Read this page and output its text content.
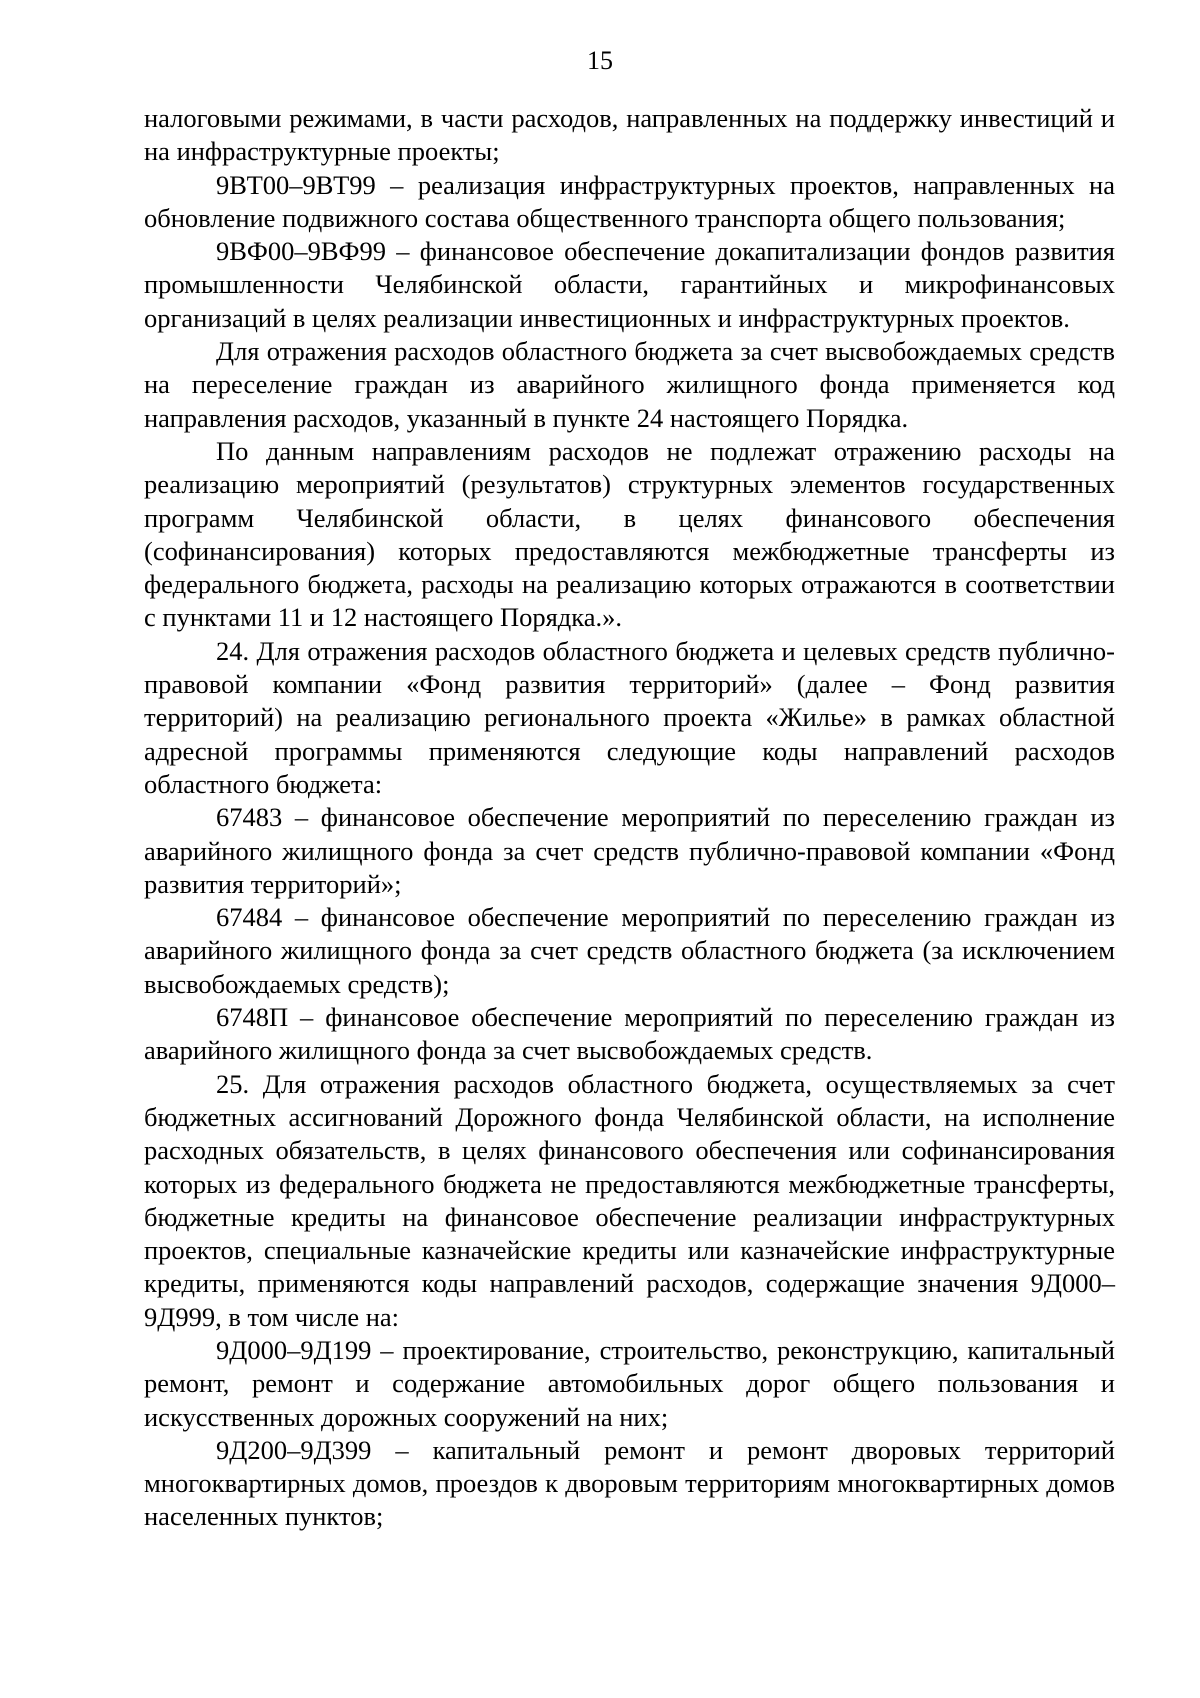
15

налоговыми режимами, в части расходов, направленных на поддержку инвестиций и на инфраструктурные проекты;

9ВТ00–9ВТ99 – реализация инфраструктурных проектов, направленных на обновление подвижного состава общественного транспорта общего пользования;

9ВФ00–9ВФ99 – финансовое обеспечение докапитализации фондов развития промышленности Челябинской области, гарантийных и микрофинансовых организаций в целях реализации инвестиционных и инфраструктурных проектов.

Для отражения расходов областного бюджета за счет высвобождаемых средств на переселение граждан из аварийного жилищного фонда применяется код направления расходов, указанный в пункте 24 настоящего Порядка.

По данным направлениям расходов не подлежат отражению расходы на реализацию мероприятий (результатов) структурных элементов государственных программ Челябинской области, в целях финансового обеспечения (софинансирования) которых предоставляются межбюджетные трансферты из федерального бюджета, расходы на реализацию которых отражаются в соответствии с пунктами 11 и 12 настоящего Порядка.».

24. Для отражения расходов областного бюджета и целевых средств публично-правовой компании «Фонд развития территорий» (далее – Фонд развития территорий) на реализацию регионального проекта «Жилье» в рамках областной адресной программы применяются следующие коды направлений расходов областного бюджета:

67483 – финансовое обеспечение мероприятий по переселению граждан из аварийного жилищного фонда за счет средств публично-правовой компании «Фонд развития территорий»;

67484 – финансовое обеспечение мероприятий по переселению граждан из аварийного жилищного фонда за счет средств областного бюджета (за исключением высвобождаемых средств);

6748П – финансовое обеспечение мероприятий по переселению граждан из аварийного жилищного фонда за счет высвобождаемых средств.

25. Для отражения расходов областного бюджета, осуществляемых за счет бюджетных ассигнований Дорожного фонда Челябинской области, на исполнение расходных обязательств, в целях финансового обеспечения или софинансирования которых из федерального бюджета не предоставляются межбюджетные трансферты, бюджетные кредиты на финансовое обеспечение реализации инфраструктурных проектов, специальные казначейские кредиты или казначейские инфраструктурные кредиты, применяются коды направлений расходов, содержащие значения 9Д000–9Д999, в том числе на:

9Д000–9Д199 – проектирование, строительство, реконструкцию, капитальный ремонт, ремонт и содержание автомобильных дорог общего пользования и искусственных дорожных сооружений на них;

9Д200–9Д399 – капитальный ремонт и ремонт дворовых территорий многоквартирных домов, проездов к дворовым территориям многоквартирных домов населенных пунктов;
